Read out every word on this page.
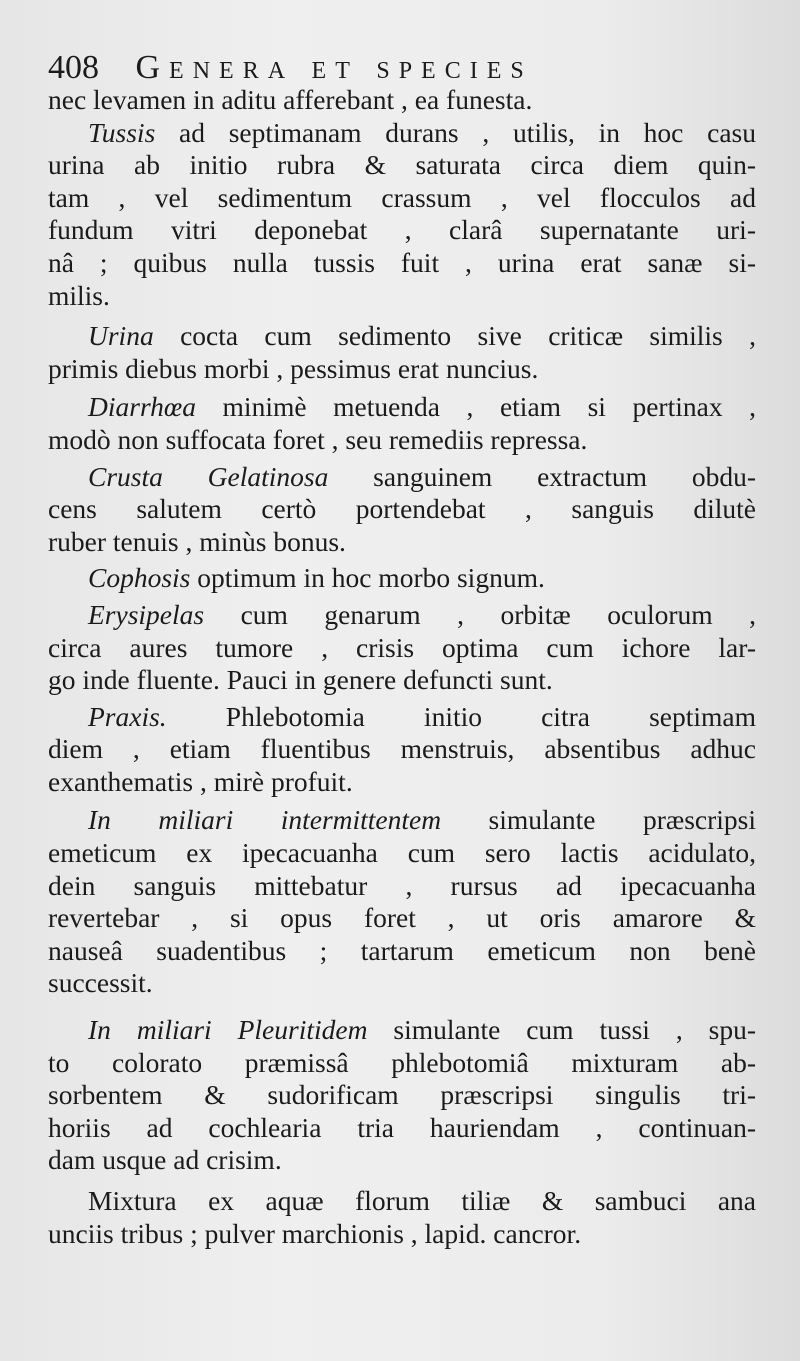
408 Genera et species
nec levamen in aditu afferebant , ea funesta.
Tussis ad septimanam durans , utilis, in hoc casu
urina ab initio rubra & saturata circa diem quin-
tam , vel sedimentum crassum , vel flocculos ad
fundum vitri deponebat , clarâ supernatante uri-
nâ ; quibus nulla tussis fuit , urina erat sanæ si-
milis.
Urina cocta cum sedimento sive criticæ similis ,
primis diebus morbi , pessimus erat nuncius.
Diarrhœa minimè metuenda , etiam si pertinax ,
modò non suffocata foret , seu remediis repressa.
Crusta Gelatinosa sanguinem extractum obdu-
cens salutem certò portendebat , sanguis dilutè
ruber tenuis , minùs bonus.
Cophosis optimum in hoc morbo signum.
Erysipelas cum genarum , orbitæ oculorum ,
circa aures tumore , crisis optima cum ichore lar-
go inde fluente. Pauci in genere defuncti sunt.
Praxis. Phlebotomia initio citra septimam
diem , etiam fluentibus menstruis, absentibus adhuc
exanthematis , mirè profuit.
In miliari intermittentem simulante præscripsi
emeticum ex ipecacuanha cum sero lactis acidulato,
dein sanguis mittebatur , rursus ad ipecacuanha
revertebar , si opus foret , ut oris amarore &
nauseâ suadentibus ; tartarum emeticum non benè
successit.
In miliari Pleuritidem simulante cum tussi , spu-
to colorato præmissâ phlebotomiâ mixturam ab-
sorbentem & sudorificam præscripsi singulis tri-
horiis ad cochlearia tria hauriendam , continuan-
dam usque ad crisim.
Mixtura ex aquæ florum tiliæ & sambuci ana
unciis tribus ; pulver marchionis , lapid. cancror.
